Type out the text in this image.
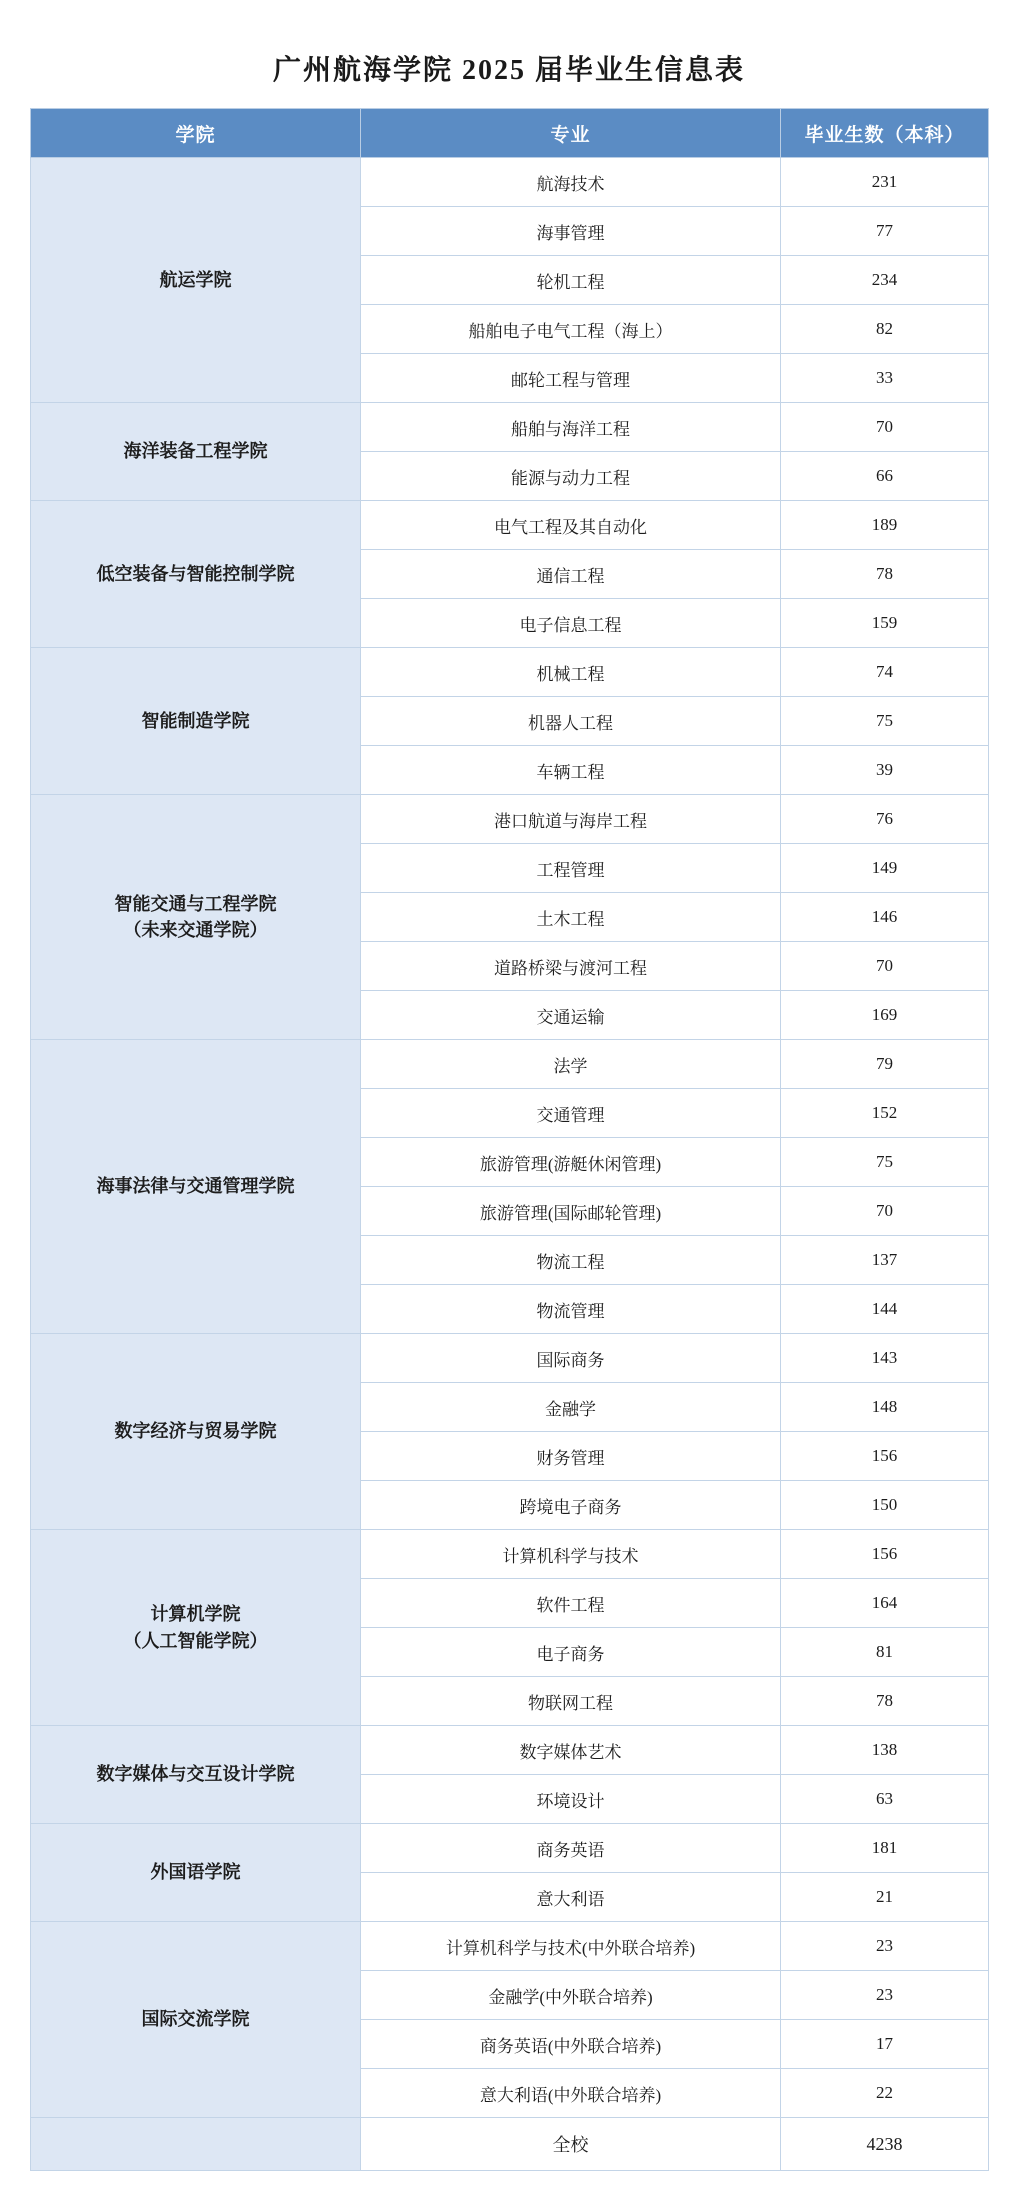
广州航海学院 2025 届毕业生信息表
学院	专业	毕业生数（本科）
航运学院	航海技术	231
	海事管理	77
	轮机工程	234
	船舶电子电气工程（海上）	82
	邮轮工程与管理	33
海洋装备工程学院	船舶与海洋工程	70
	能源与动力工程	66
低空装备与智能控制学院	电气工程及其自动化	189
	通信工程	78
	电子信息工程	159
智能制造学院	机械工程	74
	机器人工程	75
	车辆工程	39
智能交通与工程学院
（未来交通学院）	港口航道与海岸工程	76
	工程管理	149
	土木工程	146
	道路桥梁与渡河工程	70
	交通运输	169
海事法律与交通管理学院	法学	79
	交通管理	152
	旅游管理(游艇休闲管理)	75
	旅游管理(国际邮轮管理)	70
	物流工程	137
	物流管理	144
数字经济与贸易学院	国际商务	143
	金融学	148
	财务管理	156
	跨境电子商务	150
计算机学院
（人工智能学院）	计算机科学与技术	156
	软件工程	164
	电子商务	81
	物联网工程	78
数字媒体与交互设计学院	数字媒体艺术	138
	环境设计	63
外国语学院	商务英语	181
	意大利语	21
国际交流学院	计算机科学与技术(中外联合培养)	23
	金融学(中外联合培养)	23
	商务英语(中外联合培养)	17
	意大利语(中外联合培养)	22
	全校	4238
